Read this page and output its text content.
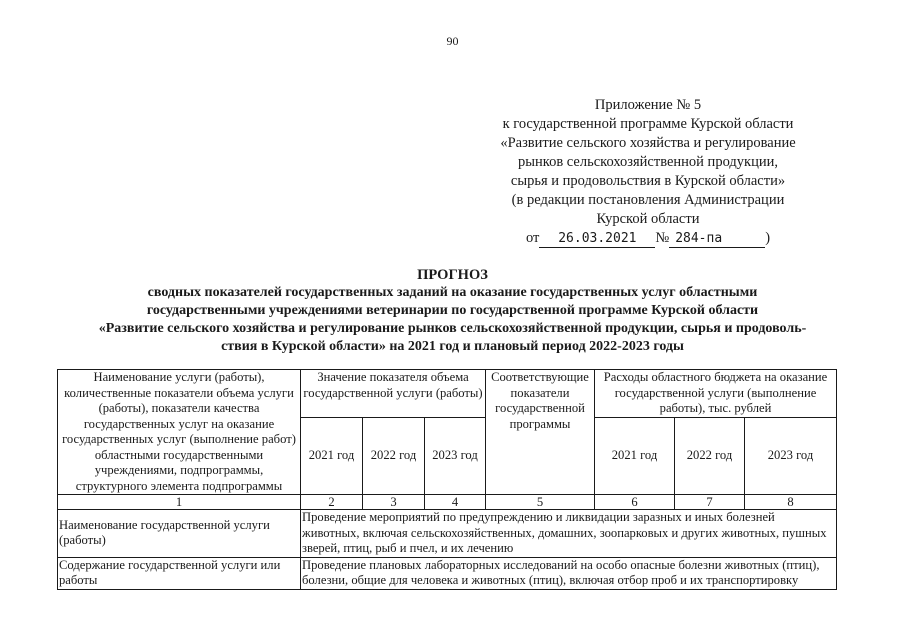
90
Приложение № 5
к государственной программе Курской области
«Развитие сельского хозяйства и регулирование
рынков сельскохозяйственной продукции,
сырья и продовольствия в Курской области»
(в редакции постановления Администрации
Курской области
от 26.03.2021 № 284-па	)
ПРОГНОЗ
сводных показателей государственных заданий на оказание государственных услуг областными
государственными учреждениями ветеринарии по государственной программе Курской области
«Развитие сельского хозяйства и регулирование рынков сельскохозяйственной продукции, сырья и продоволь-
ствия в Курской области» на 2021 год и плановый период 2022-2023 годы
Наименование услуги (работы), количественные показатели объема услуги (работы), показатели качества государственных услуг на оказание государственных услуг (выполнение работ) областными государственными учреждениями, подпрограммы, структурного элемента подпрограммы	Значение показателя объема государственной услуги (работы)			Соответствующие показатели государственной программы	Расходы областного бюджета на оказание государственной услуги (выполнение работы), тыс. рублей		
	2021 год	2022 год	2023 год		2021 год	2022 год	2023 год
1	2	3	4	5	6	7	8
Наименование государственной услуги (работы)	Проведение мероприятий по предупреждению и ликвидации заразных и иных болезней животных, включая сельскохозяйственных, домашних, зоопарковых и других животных, пушных зверей, птиц, рыб и пчел, и их лечению						
Содержание государственной услуги или работы	Проведение плановых лабораторных исследований на особо опасные болезни животных (птиц), болезни, общие для человека и животных (птиц), включая отбор проб и их транспортировку						
